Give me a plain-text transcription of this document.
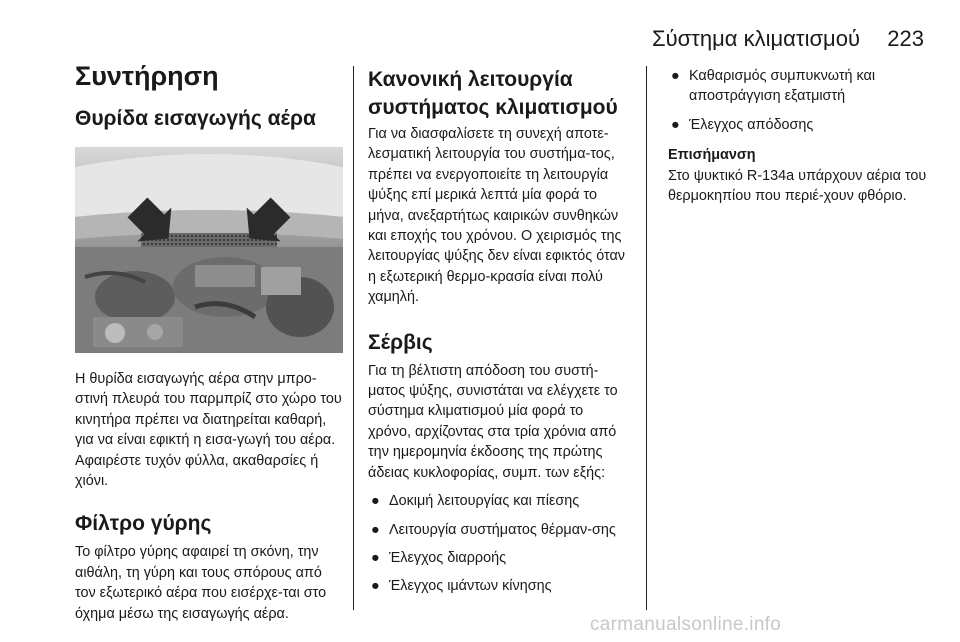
Σύστημα κλιματισμού 223
Συντήρηση
Θυρίδα εισαγωγής αέρα

Η θυρίδα εισαγωγής αέρα στην μπρο-στινή πλευρά του παρμπρίζ στο χώρο του κινητήρα πρέπει να διατηρείται καθαρή, για να είναι εφικτή η εισα-γωγή του αέρα. Αφαιρέστε τυχόν φύλλα, ακαθαρσίες ή χιόνι.

Φίλτρο γύρης

Το φίλτρο γύρης αφαιρεί τη σκόνη, την αιθάλη, τη γύρη και τους σπόρους από τον εξωτερικό αέρα που εισέρχε-ται στο όχημα μέσω της εισαγωγής αέρα.

Κανονική λειτουργία συστήματος κλιματισμού

Για να διασφαλίσετε τη συνεχή αποτε-λεσματική λειτουργία του συστήμα-τος, πρέπει να ενεργοποιείτε τη λειτουργία ψύξης επί μερικά λεπτά μία φορά το μήνα, ανεξαρτήτως καιρικών συνθηκών και εποχής του χρόνου. Ο χειρισμός της λειτουργίας ψύξης δεν είναι εφικτός όταν η εξωτερική θερμο-κρασία είναι πολύ χαμηλή.

Σέρβις

Για τη βέλτιστη απόδοση του συστή-ματος ψύξης, συνιστάται να ελέγχετε το σύστημα κλιματισμού μία φορά το χρόνο, αρχίζοντας στα τρία χρόνια από την ημερομηνία έκδοσης της πρώτης άδειας κυκλοφορίας, συμπ. των εξής:

● Δοκιμή λειτουργίας και πίεσης
● Λειτουργία συστήματος θέρμαν-σης
● Έλεγχος διαρροής
● Έλεγχος ιμάντων κίνησης
● Καθαρισμός συμπυκνωτή και αποστράγγιση εξατμιστή
● Έλεγχος απόδοσης

Επισήμανση

Στο ψυκτικό R-134a υπάρχουν αέρια του θερμοκηπίου που περιέ-χουν φθόριο.

carmanualsonline.info
